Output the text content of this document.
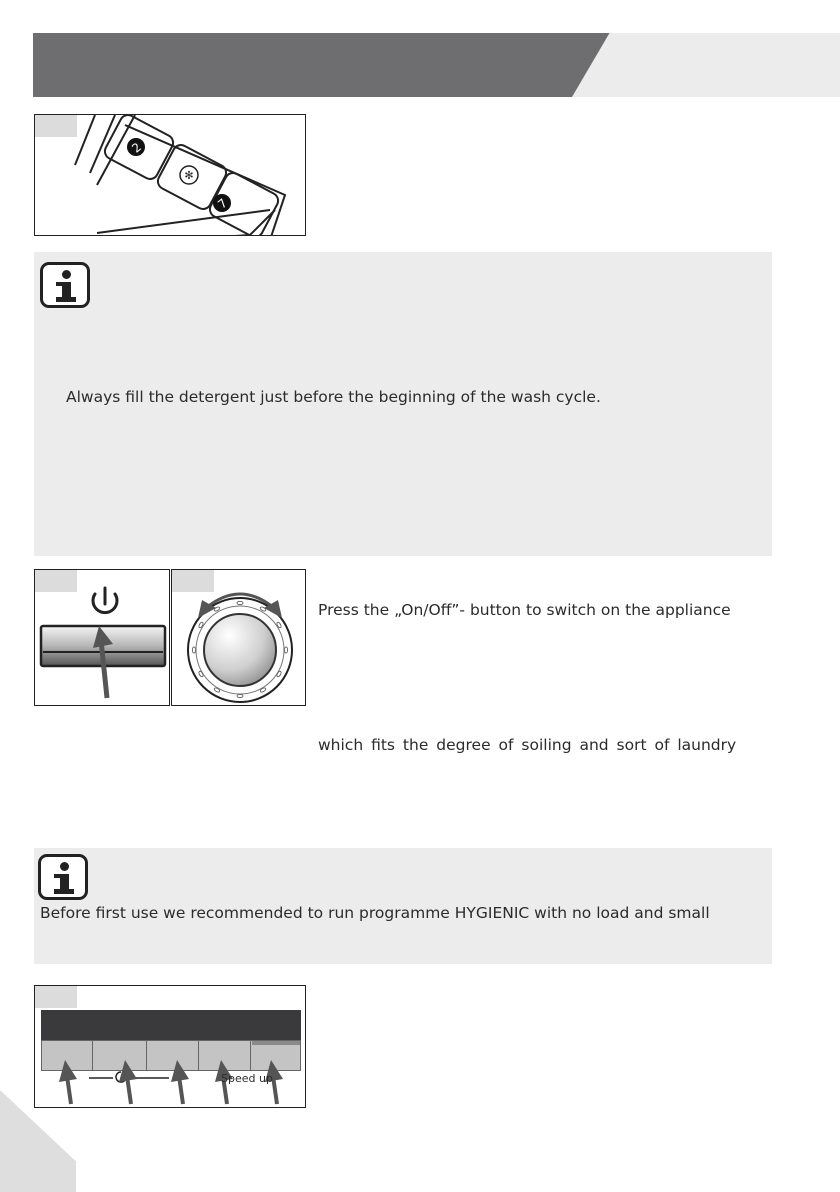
2
✻
7
Always fill the detergent just before the beginning of the wash cycle.
Press the „On/Off”- button to switch on the appliance
which fits the degree of soiling and sort of laundry
Before first use we recommended to run programme HYGIENIC with no load and small
Speed up
